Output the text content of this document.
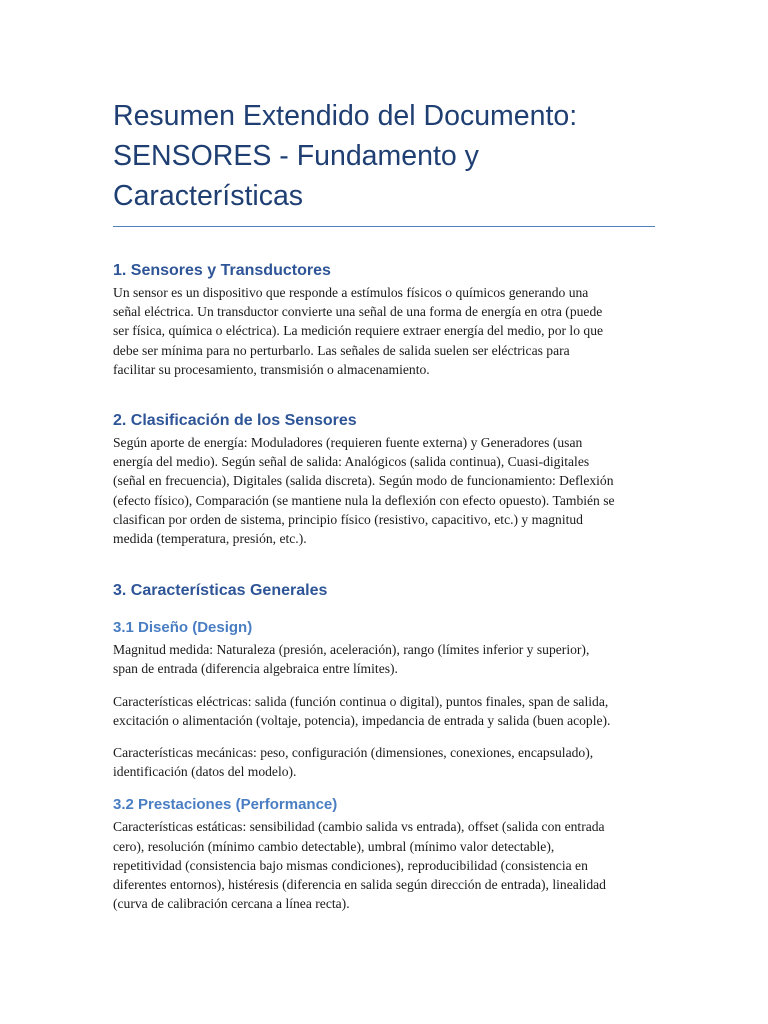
Resumen Extendido del Documento:
SENSORES - Fundamento y
Características
1. Sensores y Transductores

Un sensor es un dispositivo que responde a estímulos físicos o químicos generando una
señal eléctrica. Un transductor convierte una señal de una forma de energía en otra (puede
ser física, química o eléctrica). La medición requiere extraer energía del medio, por lo que
debe ser mínima para no perturbarlo. Las señales de salida suelen ser eléctricas para
facilitar su procesamiento, transmisión o almacenamiento.

2. Clasificación de los Sensores

Según aporte de energía: Moduladores (requieren fuente externa) y Generadores (usan
energía del medio). Según señal de salida: Analógicos (salida continua), Cuasi-digitales
(señal en frecuencia), Digitales (salida discreta). Según modo de funcionamiento: Deflexión
(efecto físico), Comparación (se mantiene nula la deflexión con efecto opuesto). También se
clasifican por orden de sistema, principio físico (resistivo, capacitivo, etc.) y magnitud
medida (temperatura, presión, etc.).

3. Características Generales
3.1 Diseño (Design)

Magnitud medida: Naturaleza (presión, aceleración), rango (límites inferior y superior),
span de entrada (diferencia algebraica entre límites).

Características eléctricas: salida (función continua o digital), puntos finales, span de salida,
excitación o alimentación (voltaje, potencia), impedancia de entrada y salida (buen acople).

Características mecánicas: peso, configuración (dimensiones, conexiones, encapsulado),
identificación (datos del modelo).

3.2 Prestaciones (Performance)

Características estáticas: sensibilidad (cambio salida vs entrada), offset (salida con entrada
cero), resolución (mínimo cambio detectable), umbral (mínimo valor detectable),
repetitividad (consistencia bajo mismas condiciones), reproducibilidad (consistencia en
diferentes entornos), histéresis (diferencia en salida según dirección de entrada), linealidad
(curva de calibración cercana a línea recta).
